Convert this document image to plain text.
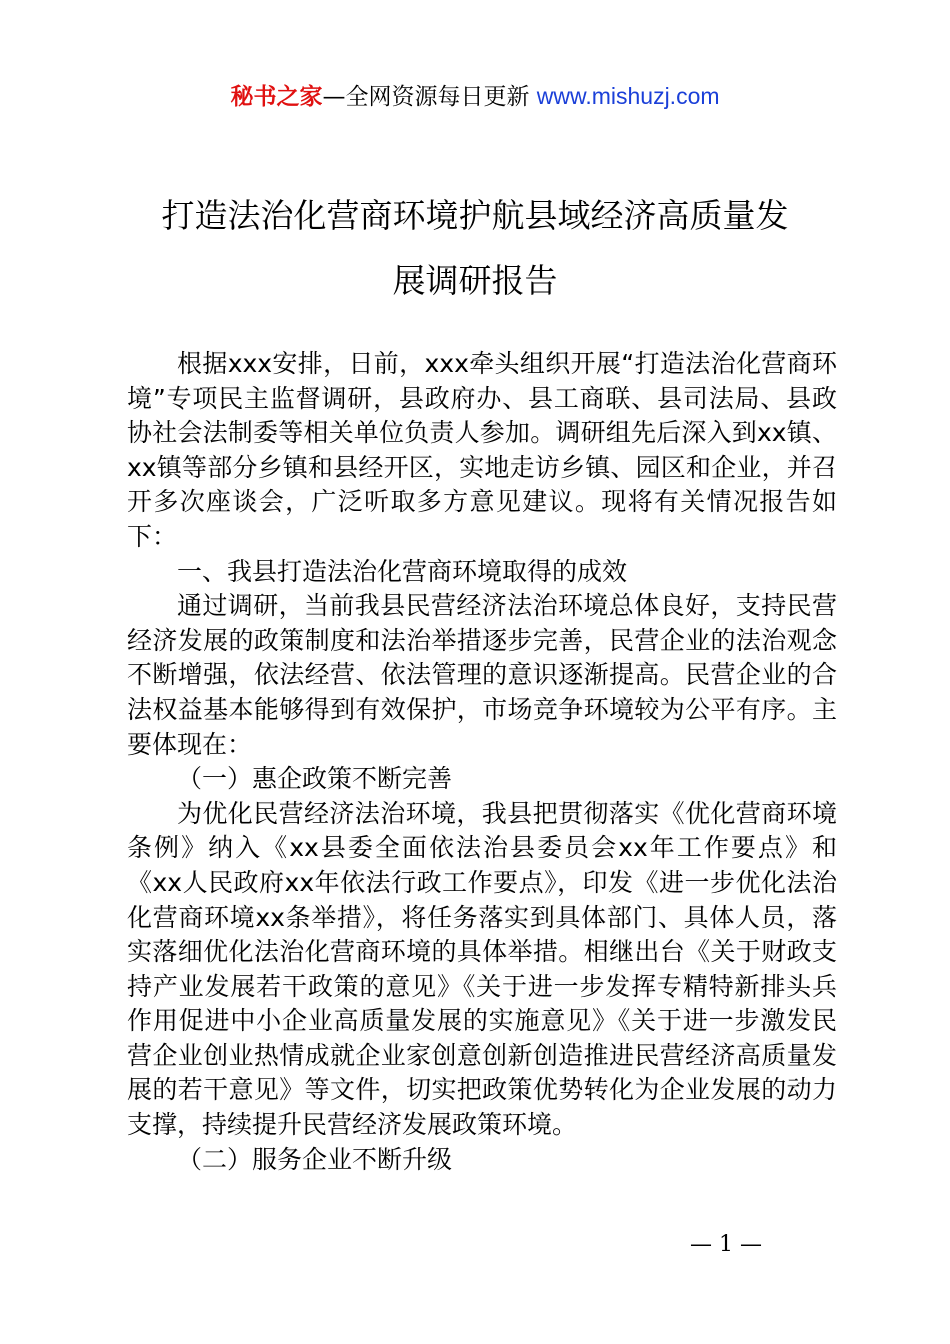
秘书之家—全网资源每日更新 www.mishuzj.com
打造法治化营商环境护航县域经济高质量发
展调研报告

根据xxx安排，日前，xxx牵头组织开展“打造法治化营商环境”专项民主监督调研，县政府办、县工商联、县司法局、县政协社会法制委等相关单位负责人参加。调研组先后深入到xx镇、xx镇等部分乡镇和县经开区，实地走访乡镇、园区和企业，并召开多次座谈会，广泛听取多方意见建议。现将有关情况报告如下：

一、我县打造法治化营商环境取得的成效

通过调研，当前我县民营经济法治环境总体良好，支持民营经济发展的政策制度和法治举措逐步完善，民营企业的法治观念不断增强，依法经营、依法管理的意识逐渐提高。民营企业的合法权益基本能够得到有效保护，市场竞争环境较为公平有序。主要体现在：

（一）惠企政策不断完善

为优化民营经济法治环境，我县把贯彻落实《优化营商环境条例》纳入《xx县委全面依法治县委员会xx年工作要点》和《xx人民政府xx年依法行政工作要点》，印发《进一步优化法治化营商环境xx条举措》，将任务落实到具体部门、具体人员，落实落细优化法治化营商环境的具体举措。相继出台《关于财政支持产业发展若干政策的意见》《关于进一步发挥专精特新排头兵作用促进中小企业高质量发展的实施意见》《关于进一步激发民营企业创业热情成就企业家创意创新创造推进民营经济高质量发展的若干意见》等文件，切实把政策优势转化为企业发展的动力支撑，持续提升民营经济发展政策环境。

（二）服务企业不断升级

— 1 —
